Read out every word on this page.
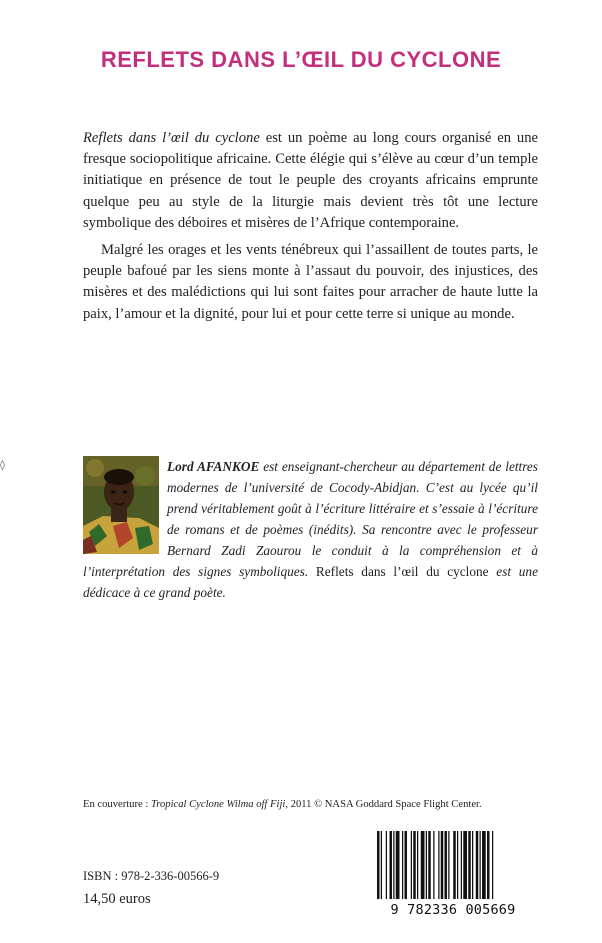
REFLETS DANS L’ŒIL DU CYCLONE

Reflets dans l’œil du cyclone est un poème au long cours organisé en une fresque sociopolitique africaine. Cette élégie qui s’élève au cœur d’un temple initiatique en présence de tout le peuple des croyants africains emprunte quelque peu au style de la liturgie mais devient très tôt une lecture symbolique des déboires et misères de l’Afrique contemporaine.

Malgré les orages et les vents ténébreux qui l’assaillent de toutes parts, le peuple bafoué par les siens monte à l’assaut du pouvoir, des injustices, des misères et des malédictions qui lui sont faites pour arracher de haute lutte la paix, l’amour et la dignité, pour lui et pour cette terre si unique au monde.

◊	Lord AFANKOE est enseignant-chercheur au département de lettres modernes de l’université de Cocody-Abidjan. C’est au lycée qu’il prend véritablement goût à l’écriture littéraire et s’essaie à l’écriture de romans et de poèmes (inédits). Sa rencontre avec le professeur Bernard Zadi Zaourou le conduit à la compréhension et à l’interprétation des signes symboliques. Reflets dans l’œil du cyclone est une dédicace à ce grand poète.
En couverture : Tropical Cyclone Wilma off Fiji, 2011 © NASA Goddard Space Flight Center.
ISBN : 978-2-336-00566-9
14,50 euros
9 782336 005669
